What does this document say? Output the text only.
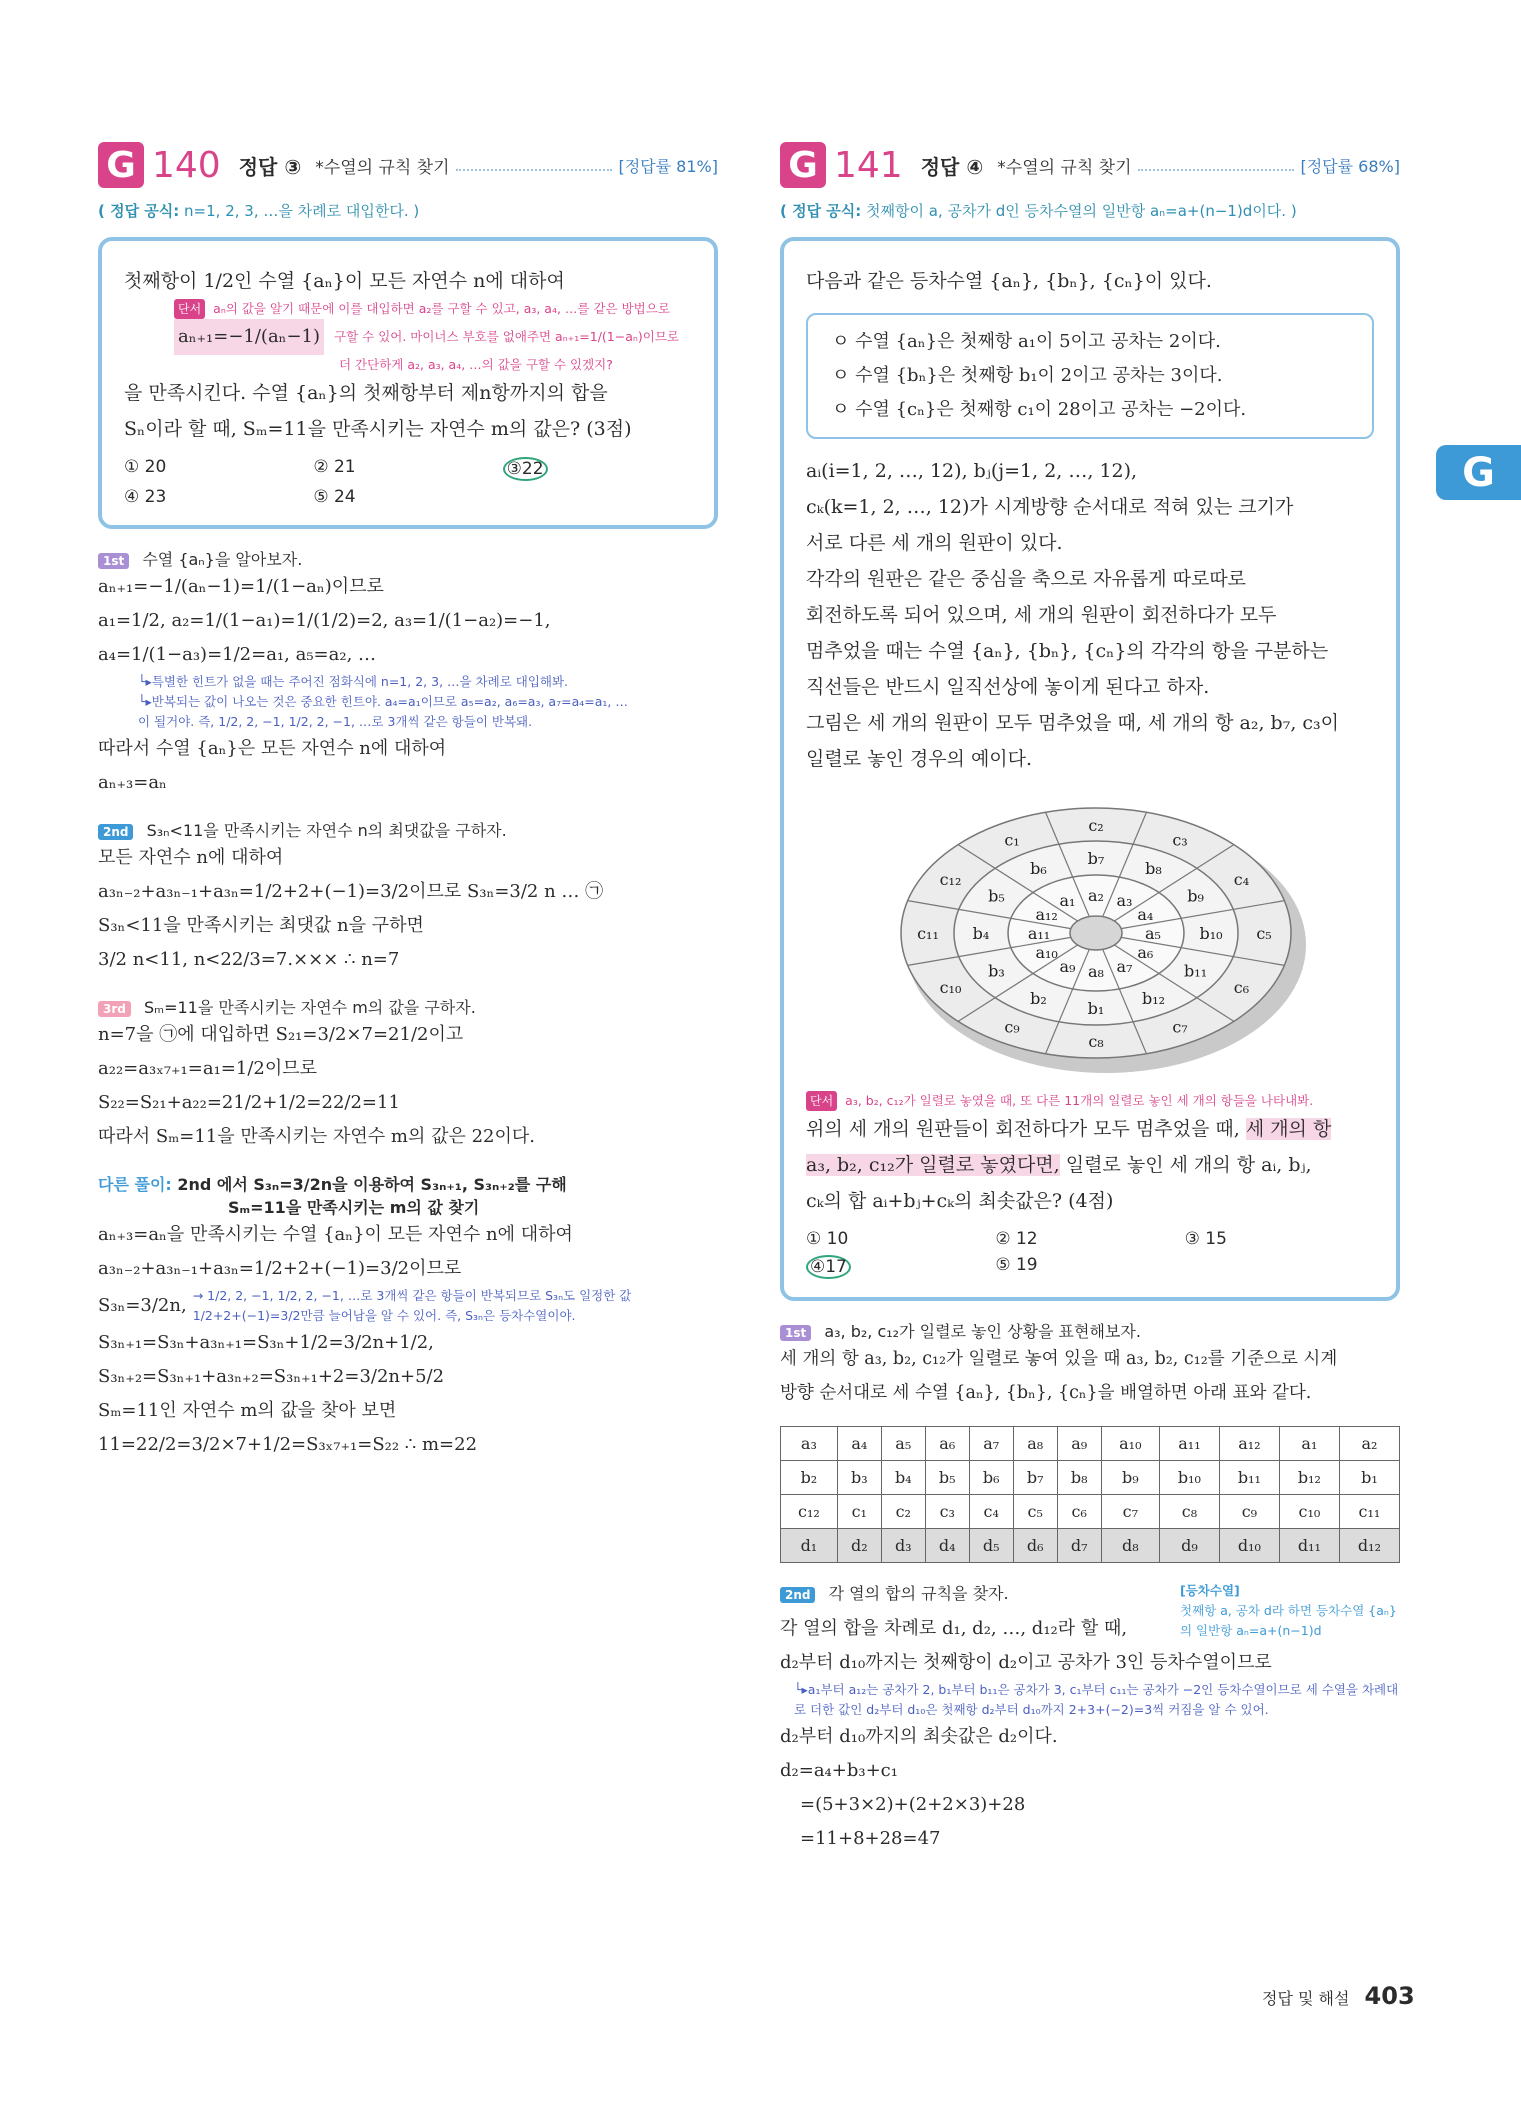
G
G 140 정답 ③ *수열의 규칙 찾기	[정답률 81%]
( 정답 공식: n=1, 2, 3, …을 차례로 대입한다. )
첫째항이 1/2인 수열 {aₙ}이 모든 자연수 n에 대하여
단서 aₙ의 값을 알기 때문에 이를 대입하면 a₂를 구할 수 있고, a₃, a₄, …를 같은 방법으로
aₙ₊₁=−1/(aₙ−1)	구할 수 있어. 마이너스 부호를 없애주면 aₙ₊₁=1/(1−aₙ)이므로
더 간단하게 a₂, a₃, a₄, …의 값을 구할 수 있겠지?
을 만족시킨다. 수열 {aₙ}의 첫째항부터 제n항까지의 합을
Sₙ이라 할 때, Sₘ=11을 만족시키는 자연수 m의 값은? (3점)
① 20	② 21	③22
④ 23	⑤ 24
1st 수열 {aₙ}을 알아보자.
aₙ₊₁=−1/(aₙ−1)=1/(1−aₙ)이므로
a₁=1/2, a₂=1/(1−a₁)=1/(1/2)=2, a₃=1/(1−a₂)=−1,
a₄=1/(1−a₃)=1/2=a₁, a₅=a₂, …
└▸특별한 힌트가 없을 때는 주어진 점화식에 n=1, 2, 3, …을 차례로 대입해봐.
└▸반복되는 값이 나오는 것은 중요한 힌트야. a₄=a₁이므로 a₅=a₂, a₆=a₃, a₇=a₄=a₁, …
이 될거야. 즉, 1/2, 2, −1, 1/2, 2, −1, …로 3개씩 같은 항들이 반복돼.
따라서 수열 {aₙ}은 모든 자연수 n에 대하여
aₙ₊₃=aₙ
2nd S₃ₙ<11을 만족시키는 자연수 n의 최댓값을 구하자.
모든 자연수 n에 대하여
a₃ₙ₋₂+a₃ₙ₋₁+a₃ₙ=1/2+2+(−1)=3/2이므로 S₃ₙ=3/2 n … ㉠
S₃ₙ<11을 만족시키는 최댓값 n을 구하면
3/2 n<11, n<22/3=7.××× ∴ n=7
3rd Sₘ=11을 만족시키는 자연수 m의 값을 구하자.
n=7을 ㉠에 대입하면 S₂₁=3/2×7=21/2이고
a₂₂=a₃ₓ₇₊₁=a₁=1/2이므로
S₂₂=S₂₁+a₂₂=21/2+1/2=22/2=11
따라서 Sₘ=11을 만족시키는 자연수 m의 값은 22이다.
다른 풀이: 2nd 에서 S₃ₙ=3/2n을 이용하여 S₃ₙ₊₁, S₃ₙ₊₂를 구해
Sₘ=11을 만족시키는 m의 값 찾기
aₙ₊₃=aₙ을 만족시키는 수열 {aₙ}이 모든 자연수 n에 대하여
a₃ₙ₋₂+a₃ₙ₋₁+a₃ₙ=1/2+2+(−1)=3/2이므로
S₃ₙ=3/2n, → 1/2, 2, −1, 1/2, 2, −1, …로 3개씩 같은 항들이 반복되므로 S₃ₙ도 일정한 값
1/2+2+(−1)=3/2만큼 늘어남을 알 수 있어. 즉, S₃ₙ은 등차수열이야.
S₃ₙ₊₁=S₃ₙ+a₃ₙ₊₁=S₃ₙ+1/2=3/2n+1/2,
S₃ₙ₊₂=S₃ₙ₊₁+a₃ₙ₊₂=S₃ₙ₊₁+2=3/2n+5/2
Sₘ=11인 자연수 m의 값을 찾아 보면
11=22/2=3/2×7+1/2=S₃ₓ₇₊₁=S₂₂ ∴ m=22
G 141 정답 ④ *수열의 규칙 찾기	[정답률 68%]
( 정답 공식: 첫째항이 a, 공차가 d인 등차수열의 일반항 aₙ=a+(n−1)d이다. )
다음과 같은 등차수열 {aₙ}, {bₙ}, {cₙ}이 있다.
ㅇ 수열 {aₙ}은 첫째항 a₁이 5이고 공차는 2이다.
ㅇ 수열 {bₙ}은 첫째항 b₁이 2이고 공차는 3이다.
ㅇ 수열 {cₙ}은 첫째항 c₁이 28이고 공차는 −2이다.
aᵢ(i=1, 2, …, 12), bⱼ(j=1, 2, …, 12),
cₖ(k=1, 2, …, 12)가 시계방향 순서대로 적혀 있는 크기가
서로 다른 세 개의 원판이 있다.
각각의 원판은 같은 중심을 축으로 자유롭게 따로따로
회전하도록 되어 있으며, 세 개의 원판이 회전하다가 모두
멈추었을 때는 수열 {aₙ}, {bₙ}, {cₙ}의 각각의 항을 구분하는
직선들은 반드시 일직선상에 놓이게 된다고 하자.
그림은 세 개의 원판이 모두 멈추었을 때, 세 개의 항 a₂, b₇, c₃이
일렬로 놓인 경우의 예이다.
c₂
c₃
c₄
c₅
c₆
c₇
c₈
c₉
c₁₀
c₁₁
c₁₂
c₁
b₇
b₈
b₉
b₁₀
b₁₁
b₁₂
b₁
b₂
b₃
b₄
b₅
b₆
a₂ a₃
a₄
a₅
a₆
a₇
a₈
a₉
a₁₀
a₁₁
a₁₂
a₁
단서 a₃, b₂, c₁₂가 일렬로 놓였을 때, 또 다른 11개의 일렬로 놓인 세 개의 항들을 나타내봐.
위의 세 개의 원판들이 회전하다가 모두 멈추었을 때, 세 개의 항
a₃, b₂, c₁₂가 일렬로 놓였다면, 일렬로 놓인 세 개의 항 aᵢ, bⱼ,
cₖ의 합 aᵢ+bⱼ+cₖ의 최솟값은? (4점)
① 10	② 12	③ 15
④17	⑤ 19
1st a₃, b₂, c₁₂가 일렬로 놓인 상황을 표현해보자.
세 개의 항 a₃, b₂, c₁₂가 일렬로 놓여 있을 때 a₃, b₂, c₁₂를 기준으로 시계
방향 순서대로 세 수열 {aₙ}, {bₙ}, {cₙ}을 배열하면 아래 표와 같다.
a₃	a₄	a₅	a₆	a₇	a₈	a₉	a₁₀	a₁₁	a₁₂	a₁	a₂
b₂	b₃	b₄	b₅	b₆	b₇	b₈	b₉	b₁₀	b₁₁	b₁₂	b₁
c₁₂	c₁	c₂	c₃	c₄	c₅	c₆	c₇	c₈	c₉	c₁₀	c₁₁
d₁	d₂	d₃	d₄	d₅	d₆	d₇	d₈	d₉	d₁₀	d₁₁	d₁₂
2nd 각 열의 합의 규칙을 찾자.	[등차수열]
첫째항 a, 공차 d라 하면 등차수열 {aₙ}의 일반항 aₙ=a+(n−1)d
각 열의 합을 차례로 d₁, d₂, …, d₁₂라 할 때,
d₂부터 d₁₀까지는 첫째항이 d₂이고 공차가 3인 등차수열이므로
└▸a₁부터 a₁₂는 공차가 2, b₁부터 b₁₁은 공차가 3, c₁부터 c₁₁는 공차가 −2인 등차수열이므로 세 수열을 차례대로 더한 값인 d₂부터 d₁₀은 첫째항 d₂부터 d₁₀까지 2+3+(−2)=3씩 커짐을 알 수 있어.
d₂부터 d₁₀까지의 최솟값은 d₂이다.
d₂=a₄+b₃+c₁
=(5+3×2)+(2+2×3)+28
=11+8+28=47
정답 및 해설 403
